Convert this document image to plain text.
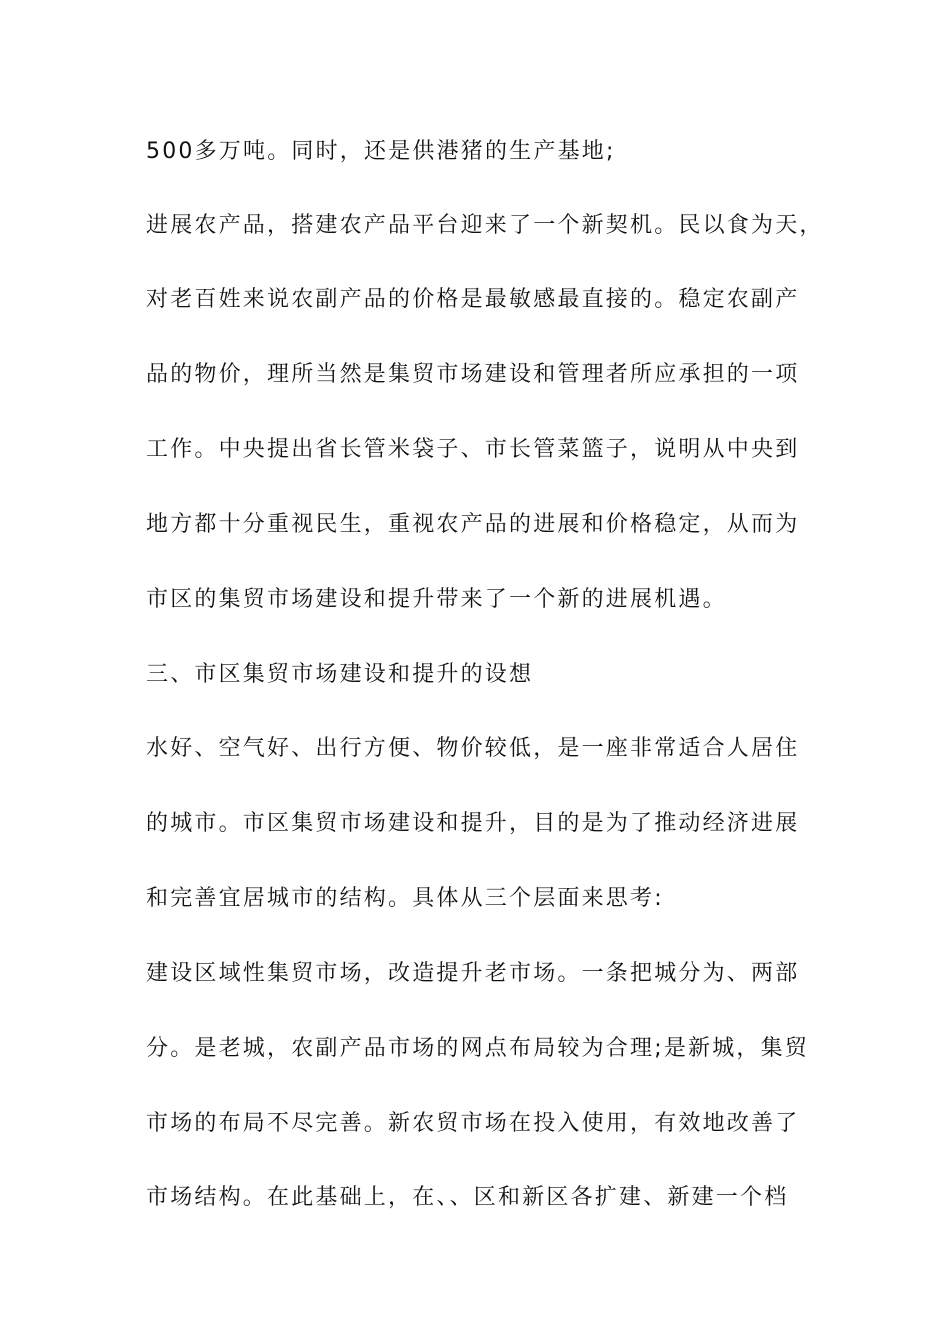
500多万吨。同时，还是供港猪的生产基地;
进展农产品，搭建农产品平台迎来了一个新契机。民以食为天，
对老百姓来说农副产品的价格是最敏感最直接的。稳定农副产
品的物价，理所当然是集贸市场建设和管理者所应承担的一项
工作。中央提出省长管米袋子、市长管菜篮子，说明从中央到
地方都十分重视民生，重视农产品的进展和价格稳定，从而为
市区的集贸市场建设和提升带来了一个新的进展机遇。
三、市区集贸市场建设和提升的设想
水好、空气好、出行方便、物价较低，是一座非常适合人居住
的城市。市区集贸市场建设和提升，目的是为了推动经济进展
和完善宜居城市的结构。具体从三个层面来思考:
建设区域性集贸市场，改造提升老市场。一条把城分为、两部
分。是老城，农副产品市场的网点布局较为合理;是新城，集贸
市场的布局不尽完善。新农贸市场在投入使用，有效地改善了
市场结构。在此基础上，在、、区和新区各扩建、新建一个档
